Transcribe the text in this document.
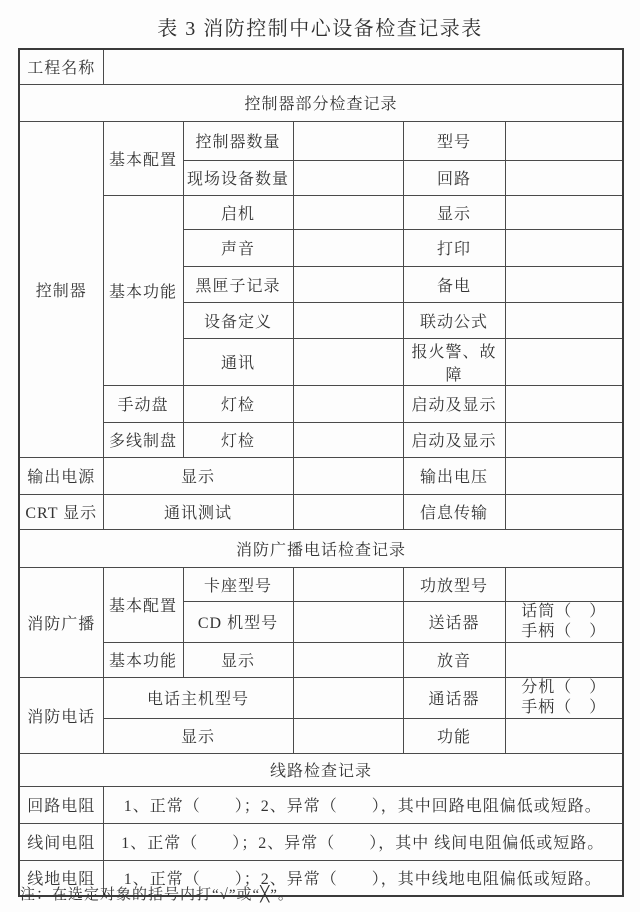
表 3 消防控制中心设备检查记录表
工程名称					
控制器部分检查记录					
控制器	基本配置	控制器数量		型号	
		现场设备数量		回路	
	基本功能	启机		显示	
		声音		打印	
		黑匣子记录		备电	
		设备定义		联动公式	
		通讯		报火警、故障	
	手动盘	灯检		启动及显示	
	多线制盘	灯检		启动及显示	
输出电源	显示			输出电压	
CRT 显示	通讯测试			信息传输	
消防广播电话检查记录					
消防广播	基本配置	卡座型号		功放型号	
		CD 机型号		送话器	话筒（　）
手柄（　）

	基本功能	显示		放音	
消防电话	电话主机型号			通话器	分机（　）
手柄（　）

	显示			功能	
线路检查记录					
回路电阻	1、正常（　　）；2、异常（　　），其中回路电阻偏低或短路。				
线间电阻	1、正常（　　）；2、异常（　　），其中 线间电阻偏低或短路。				
线地电阻	1、正常（　　）；2、异常（　　），其中线地电阻偏低或短路。				
注：在选定对象的括号内打“√”或“╳”。
